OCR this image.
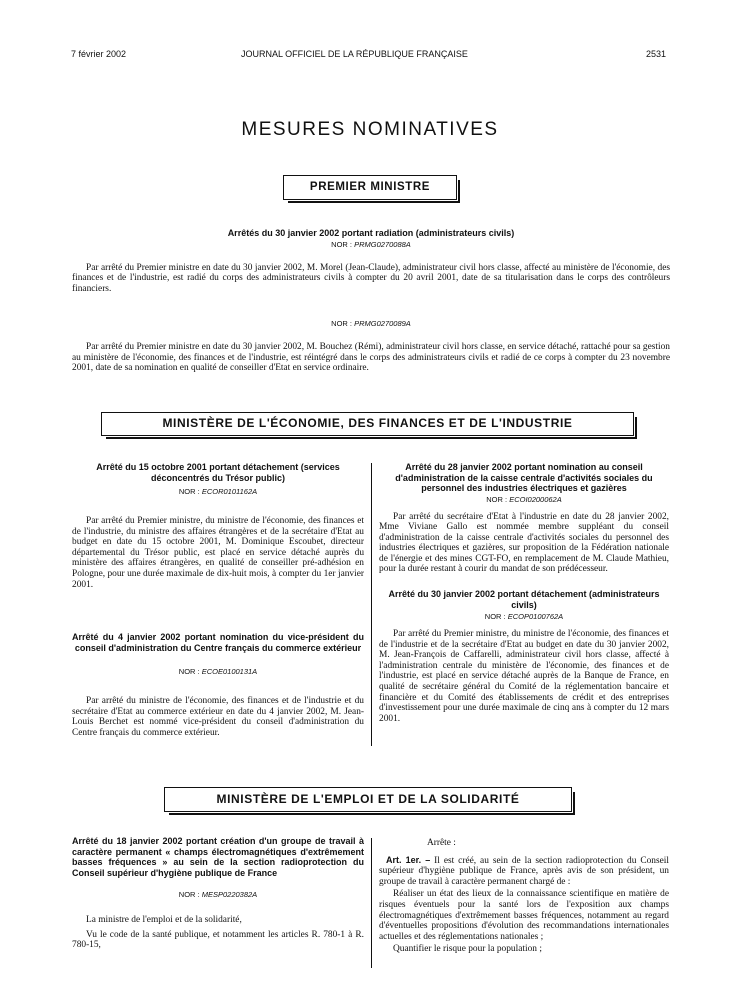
7 février 2002	JOURNAL OFFICIEL DE LA RÉPUBLIQUE FRANÇAISE	2531
MESURES NOMINATIVES
PREMIER MINISTRE

Arrêtés du 30 janvier 2002 portant radiation (administrateurs civils)

NOR : PRMG0270088A

Par arrêté du Premier ministre en date du 30 janvier 2002, M. Morel (Jean-Claude), administrateur civil hors classe, affecté au ministère de l'économie, des finances et de l'industrie, est radié du corps des administrateurs civils à compter du 20 avril 2001, date de sa titularisation dans le corps des contrôleurs financiers.

NOR : PRMG0270089A

Par arrêté du Premier ministre en date du 30 janvier 2002, M. Bouchez (Rémi), administrateur civil hors classe, en service détaché, rattaché pour sa gestion au ministère de l'économie, des finances et de l'industrie, est réintégré dans le corps des administrateurs civils et radié de ce corps à compter du 23 novembre 2001, date de sa nomination en qualité de conseiller d'Etat en service ordinaire.

MINISTÈRE DE L'ÉCONOMIE, DES FINANCES ET DE L'INDUSTRIE

Arrêté du 15 octobre 2001 portant détachement (services déconcentrés du Trésor public)

NOR : ECOR0101162A

Par arrêté du Premier ministre, du ministre de l'économie, des finances et de l'industrie, du ministre des affaires étrangères et de la secrétaire d'Etat au budget en date du 15 octobre 2001, M. Dominique Escoubet, directeur départemental du Trésor public, est placé en service détaché auprès du ministère des affaires étrangères, en qualité de conseiller pré-adhésion en Pologne, pour une durée maximale de dix-huit mois, à compter du 1er janvier 2001.

Arrêté du 4 janvier 2002 portant nomination du vice-président du conseil d'administration du Centre français du commerce extérieur

NOR : ECOE0100131A

Par arrêté du ministre de l'économie, des finances et de l'industrie et du secrétaire d'Etat au commerce extérieur en date du 4 janvier 2002, M. Jean-Louis Berchet est nommé vice-président du conseil d'administration du Centre français du commerce extérieur.

Arrêté du 28 janvier 2002 portant nomination au conseil d'administration de la caisse centrale d'activités sociales du personnel des industries électriques et gazières

NOR : ECOI0200062A

Par arrêté du secrétaire d'Etat à l'industrie en date du 28 janvier 2002, Mme Viviane Gallo est nommée membre suppléant du conseil d'administration de la caisse centrale d'activités sociales du personnel des industries électriques et gazières, sur proposition de la Fédération nationale de l'énergie et des mines CGT-FO, en remplacement de M. Claude Mathieu, pour la durée restant à courir du mandat de son prédécesseur.

Arrêté du 30 janvier 2002 portant détachement (administrateurs civils)

NOR : ECOP0100762A

Par arrêté du Premier ministre, du ministre de l'économie, des finances et de l'industrie et de la secrétaire d'Etat au budget en date du 30 janvier 2002, M. Jean-François de Caffarelli, administrateur civil hors classe, affecté à l'administration centrale du ministère de l'économie, des finances et de l'industrie, est placé en service détaché auprès de la Banque de France, en qualité de secrétaire général du Comité de la réglementation bancaire et financière et du Comité des établissements de crédit et des entreprises d'investissement pour une durée maximale de cinq ans à compter du 12 mars 2001.

MINISTÈRE DE L'EMPLOI ET DE LA SOLIDARITÉ

Arrêté du 18 janvier 2002 portant création d'un groupe de travail à caractère permanent « champs électromagnétiques d'extrêmement basses fréquences » au sein de la section radioprotection du Conseil supérieur d'hygiène publique de France

NOR : MESP0220382A

La ministre de l'emploi et de la solidarité,

Vu le code de la santé publique, et notamment les articles R. 780-1 à R. 780-15,

Arrête :

Art. 1er. – Il est créé, au sein de la section radioprotection du Conseil supérieur d'hygiène publique de France, après avis de son président, un groupe de travail à caractère permanent chargé de :

Réaliser un état des lieux de la connaissance scientifique en matière de risques éventuels pour la santé lors de l'exposition aux champs électromagnétiques d'extrêmement basses fréquences, notamment au regard d'éventuelles propositions d'évolution des recommandations internationales actuelles et des réglementations nationales ;

Quantifier le risque pour la population ;
